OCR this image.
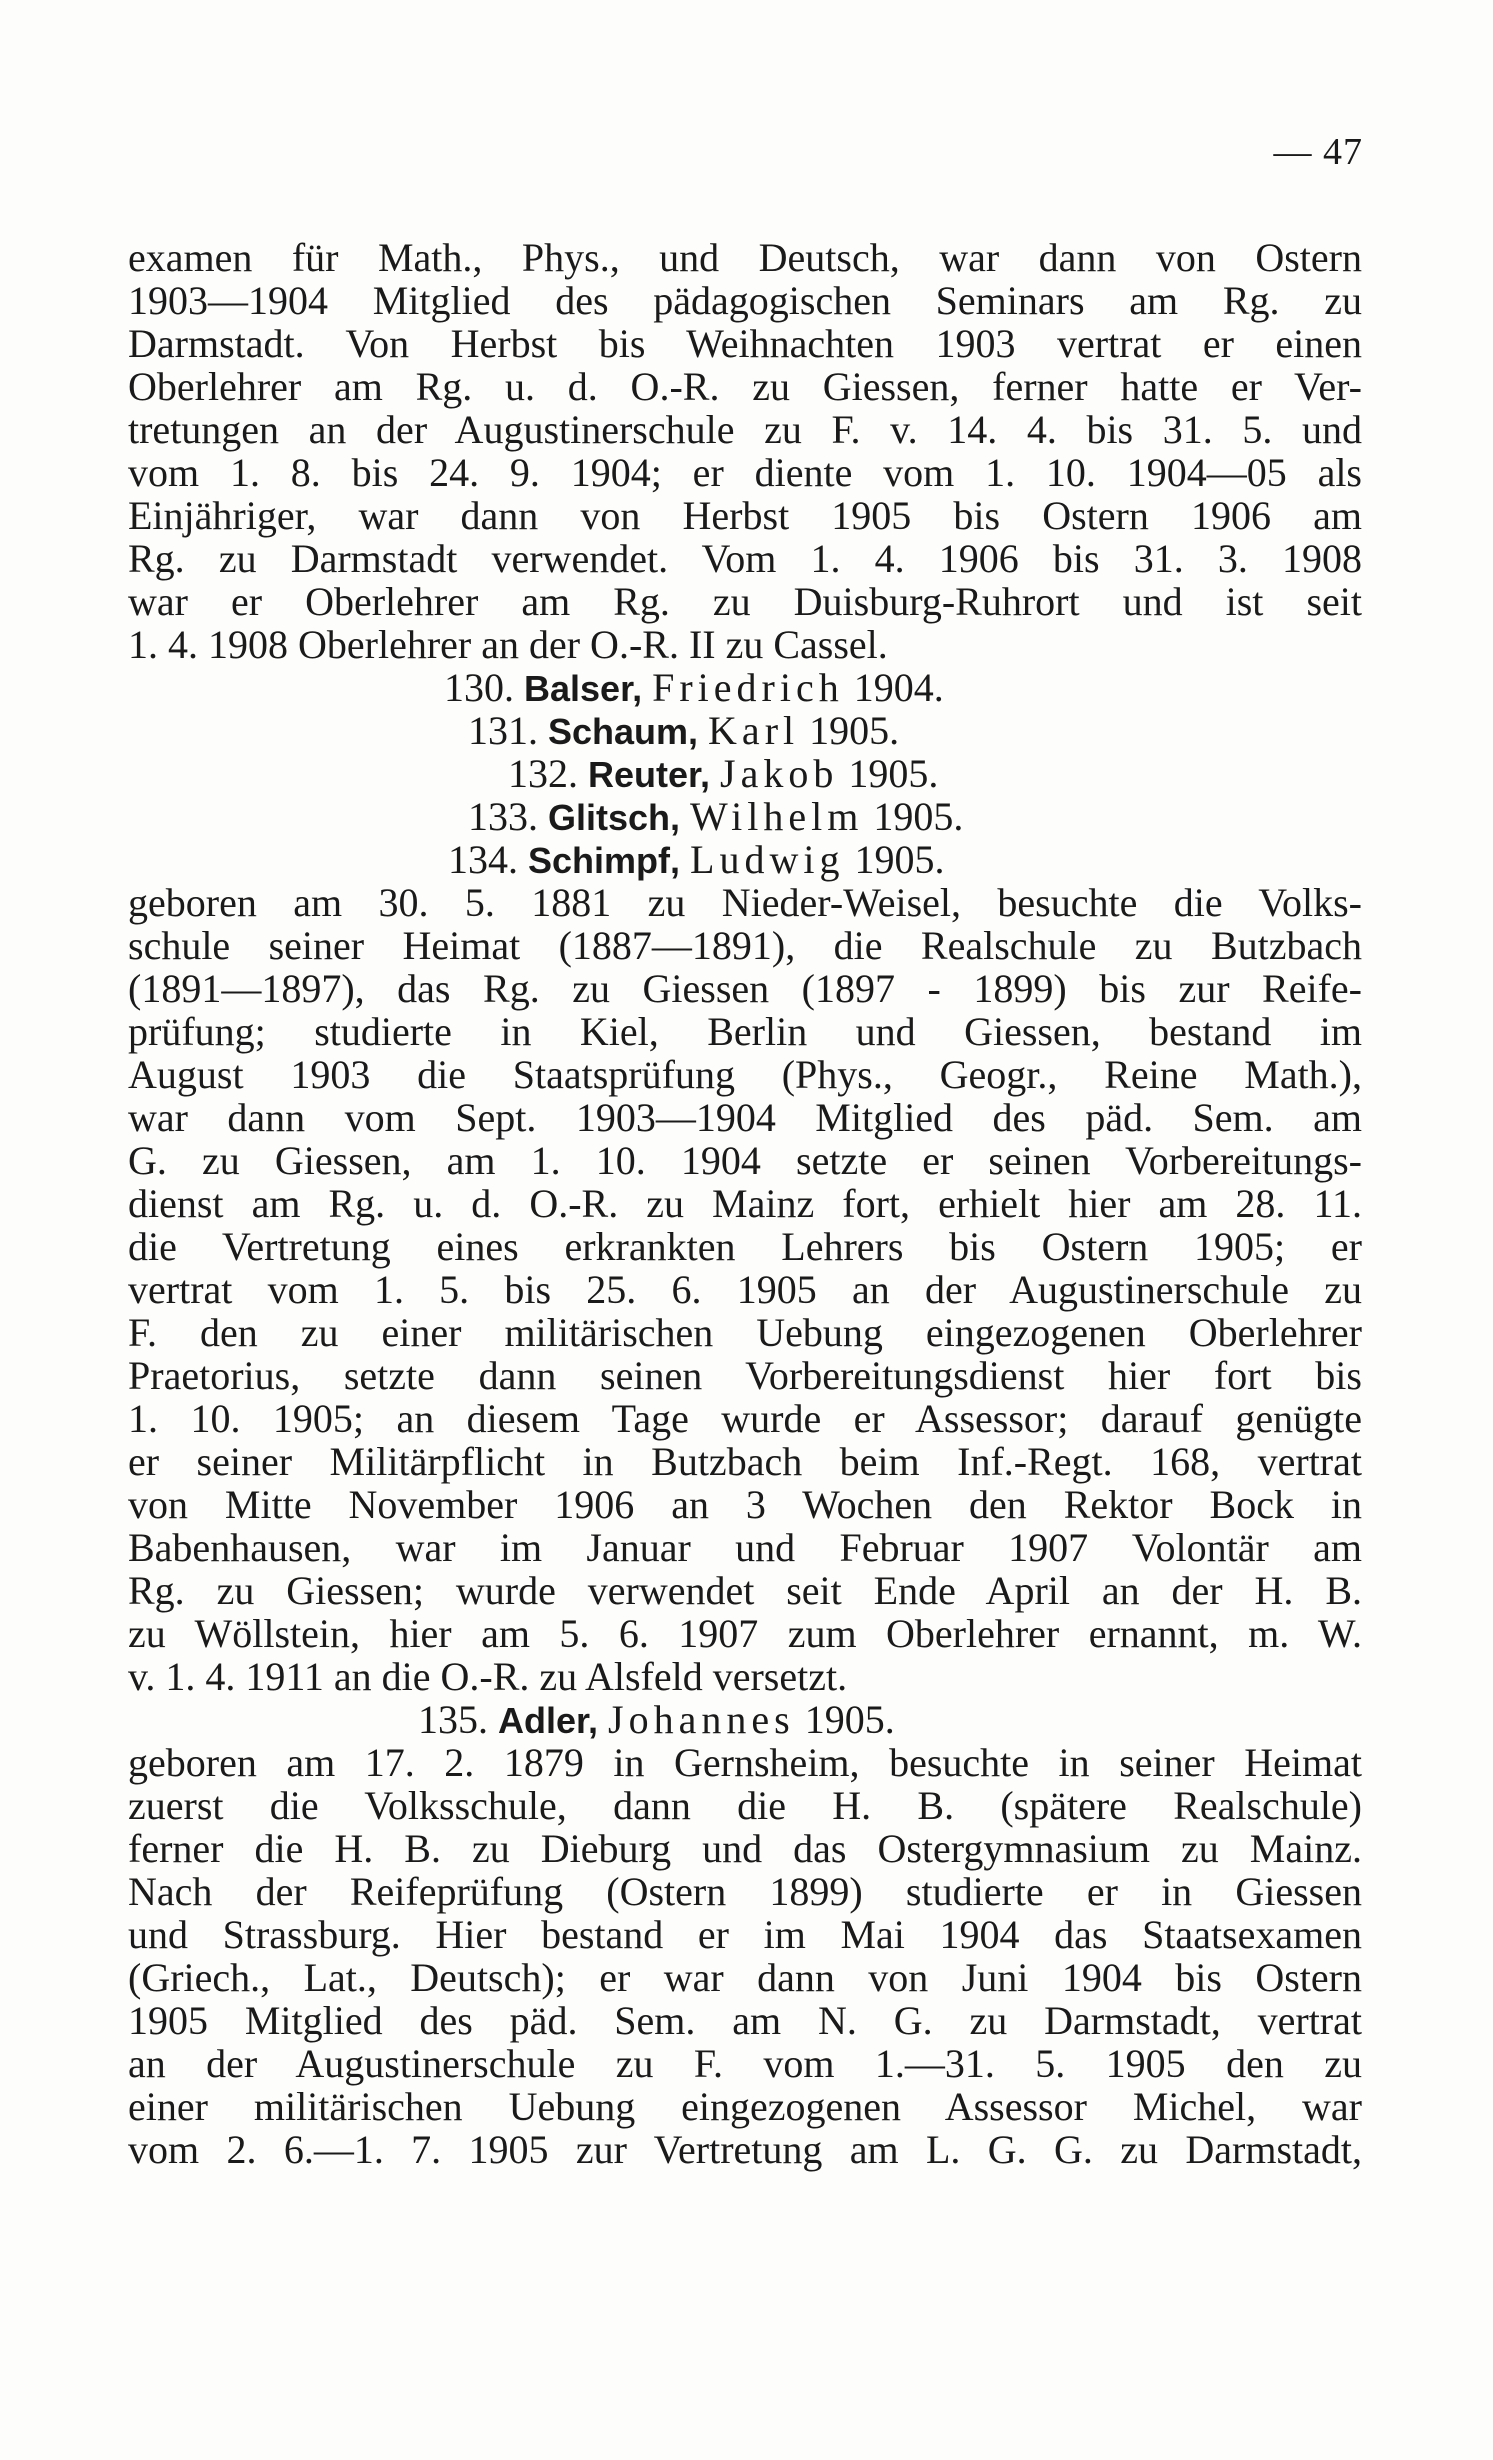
— 47
examen für Math., Phys., und Deutsch, war dann von Ostern
1903—1904 Mitglied des pädagogischen Seminars am Rg. zu
Darmstadt. Von Herbst bis Weihnachten 1903 vertrat er einen
Oberlehrer am Rg. u. d. O.-R. zu Giessen, ferner hatte er Ver-
tretungen an der Augustinerschule zu F. v. 14. 4. bis 31. 5. und
vom 1. 8. bis 24. 9. 1904; er diente vom 1. 10. 1904—05 als
Einjähriger, war dann von Herbst 1905 bis Ostern 1906 am
Rg. zu Darmstadt verwendet. Vom 1. 4. 1906 bis 31. 3. 1908
war er Oberlehrer am Rg. zu Duisburg-Ruhrort und ist seit
1. 4. 1908 Oberlehrer an der O.-R. II zu Cassel.
130. Balser, Friedrich 1904.
131. Schaum, Karl 1905.
132. Reuter, Jakob 1905.
133. Glitsch, Wilhelm 1905.
134. Schimpf, Ludwig 1905.
geboren am 30. 5. 1881 zu Nieder-Weisel, besuchte die Volks-
schule seiner Heimat (1887—1891), die Realschule zu Butzbach
(1891—1897), das Rg. zu Giessen (1897 - 1899) bis zur Reife-
prüfung; studierte in Kiel, Berlin und Giessen, bestand im
August 1903 die Staatsprüfung (Phys., Geogr., Reine Math.),
war dann vom Sept. 1903—1904 Mitglied des päd. Sem. am
G. zu Giessen, am 1. 10. 1904 setzte er seinen Vorbereitungs-
dienst am Rg. u. d. O.-R. zu Mainz fort, erhielt hier am 28. 11.
die Vertretung eines erkrankten Lehrers bis Ostern 1905; er
vertrat vom 1. 5. bis 25. 6. 1905 an der Augustinerschule zu
F. den zu einer militärischen Uebung eingezogenen Oberlehrer
Praetorius, setzte dann seinen Vorbereitungsdienst hier fort bis
1. 10. 1905; an diesem Tage wurde er Assessor; darauf genügte
er seiner Militärpflicht in Butzbach beim Inf.-Regt. 168, vertrat
von Mitte November 1906 an 3 Wochen den Rektor Bock in
Babenhausen, war im Januar und Februar 1907 Volontär am
Rg. zu Giessen; wurde verwendet seit Ende April an der H. B.
zu Wöllstein, hier am 5. 6. 1907 zum Oberlehrer ernannt, m. W.
v. 1. 4. 1911 an die O.-R. zu Alsfeld versetzt.
135. Adler, Johannes 1905.
geboren am 17. 2. 1879 in Gernsheim, besuchte in seiner Heimat
zuerst die Volksschule, dann die H. B. (spätere Realschule)
ferner die H. B. zu Dieburg und das Ostergymnasium zu Mainz.
Nach der Reifeprüfung (Ostern 1899) studierte er in Giessen
und Strassburg. Hier bestand er im Mai 1904 das Staatsexamen
(Griech., Lat., Deutsch); er war dann von Juni 1904 bis Ostern
1905 Mitglied des päd. Sem. am N. G. zu Darmstadt, vertrat
an der Augustinerschule zu F. vom 1.—31. 5. 1905 den zu
einer militärischen Uebung eingezogenen Assessor Michel, war
vom 2. 6.—1. 7. 1905 zur Vertretung am L. G. G. zu Darmstadt,
